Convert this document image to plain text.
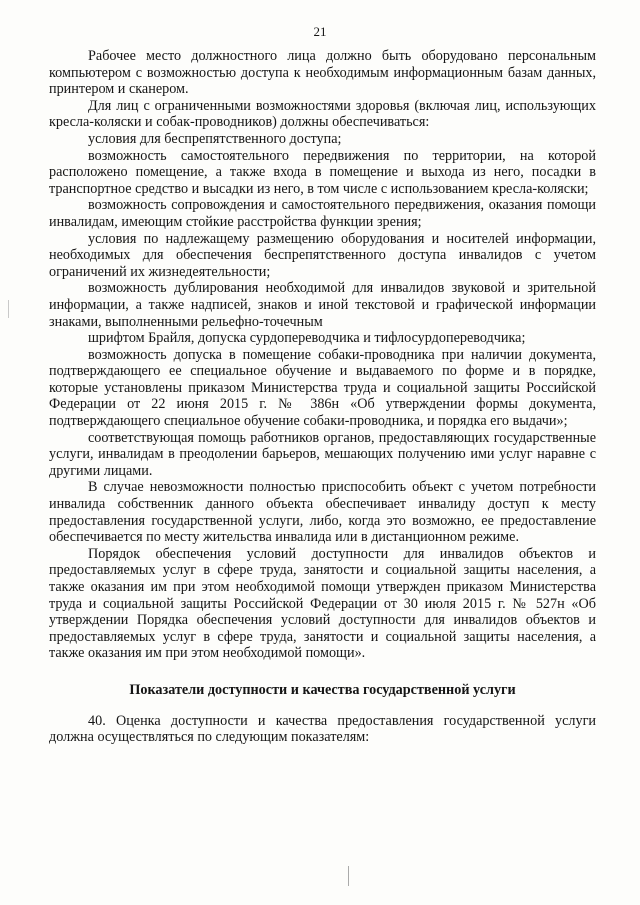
21

Рабочее место должностного лица должно быть оборудовано персональным компьютером с возможностью доступа к необходимым информационным базам данных, принтером и сканером.

Для лиц с ограниченными возможностями здоровья (включая лиц, использующих кресла-коляски и собак-проводников) должны обеспечиваться:

условия для беспрепятственного доступа;

возможность самостоятельного передвижения по территории, на которой расположено помещение, а также входа в помещение и выхода из него, посадки в транспортное средство и высадки из него, в том числе с использованием кресла-коляски;

возможность сопровождения и самостоятельного передвижения, оказания помощи инвалидам, имеющим стойкие расстройства функции зрения;

условия по надлежащему размещению оборудования и носителей информации, необходимых для обеспечения беспрепятственного доступа инвалидов с учетом ограничений их жизнедеятельности;

возможность дублирования необходимой для инвалидов звуковой и зрительной информации, а также надписей, знаков и иной текстовой и графической информации знаками, выполненными рельефно-точечным

шрифтом Брайля, допуска сурдопереводчика и тифлосурдопереводчика;

возможность допуска в помещение собаки-проводника при наличии документа, подтверждающего ее специальное обучение и выдаваемого по форме и в порядке, которые установлены приказом Министерства труда и социальной защиты Российской Федерации от 22 июня 2015 г. № 386н «Об утверждении формы документа, подтверждающего специальное обучение собаки-проводника, и порядка его выдачи»;

соответствующая помощь работников органов, предоставляющих государственные услуги, инвалидам в преодолении барьеров, мешающих получению ими услуг наравне с другими лицами.

В случае невозможности полностью приспособить объект с учетом потребности инвалида собственник данного объекта обеспечивает инвалиду доступ к месту предоставления государственной услуги, либо, когда это возможно, ее предоставление обеспечивается по месту жительства инвалида или в дистанционном режиме.

Порядок обеспечения условий доступности для инвалидов объектов и предоставляемых услуг в сфере труда, занятости и социальной защиты населения, а также оказания им при этом необходимой помощи утвержден приказом Министерства труда и социальной защиты Российской Федерации от 30 июля 2015 г. № 527н «Об утверждении Порядка обеспечения условий доступности для инвалидов объектов и предоставляемых услуг в сфере труда, занятости и социальной защиты населения, а также оказания им при этом необходимой помощи».

Показатели доступности и качества государственной услуги

40. Оценка доступности и качества предоставления государственной услуги должна осуществляться по следующим показателям:
